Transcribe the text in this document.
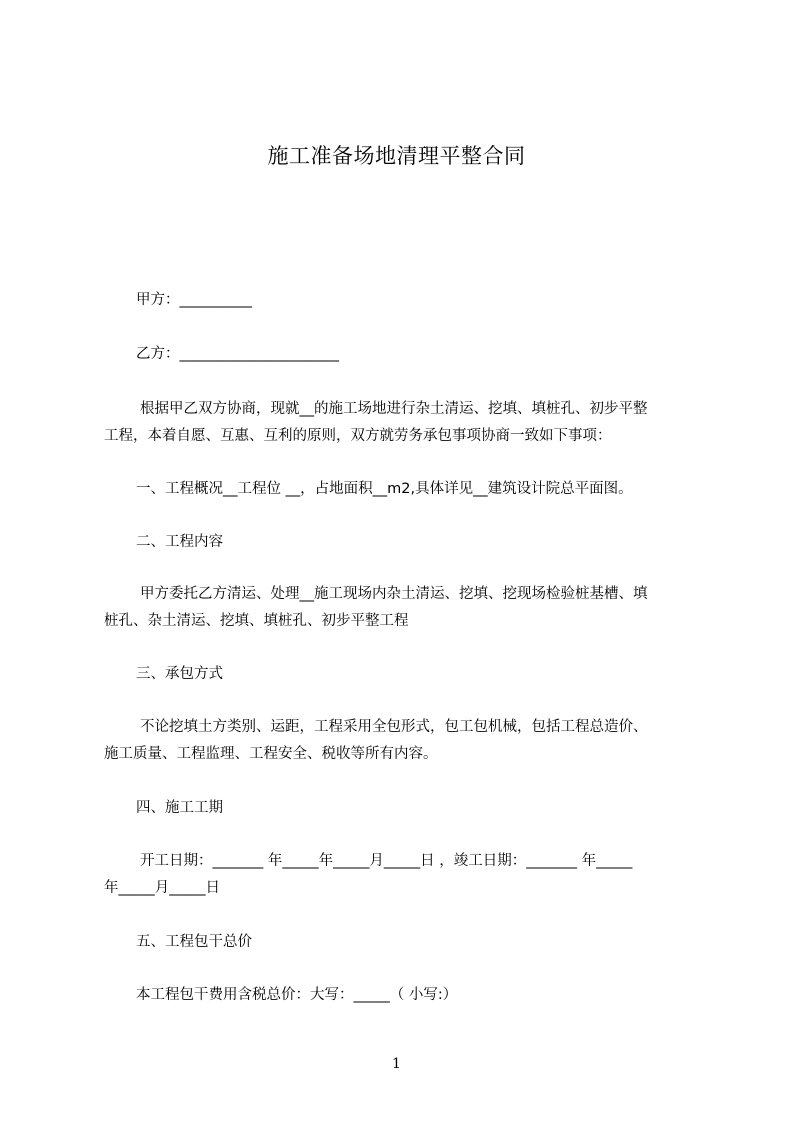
施工准备场地清理平整合同
甲方：__________
乙方：______________________
根据甲乙双方协商，现就__的施工场地进行杂土清运、挖填、填桩孔、初步平整
工程，本着自愿、互惠、互利的原则，双方就劳务承包事项协商一致如下事项：
一、工程概况__工程位 __，占地面积__m2,具体详见__建筑设计院总平面图。
二、工程内容
甲方委托乙方清运、处理__施工现场内杂土清运、挖填、挖现场检验桩基槽、填
桩孔、杂土清运、挖填、填桩孔、初步平整工程
三、承包方式
不论挖填土方类别、运距，工程采用全包形式，包工包机械，包括工程总造价、
施工质量、工程监理、工程安全、税收等所有内容。
四、施工工期
开工日期：_______ 年_____年_____月_____日 ，竣工日期：_______ 年_____
年_____月_____日
五、工程包干总价
本工程包干费用含税总价：大写：_____（ 小写:）
1
